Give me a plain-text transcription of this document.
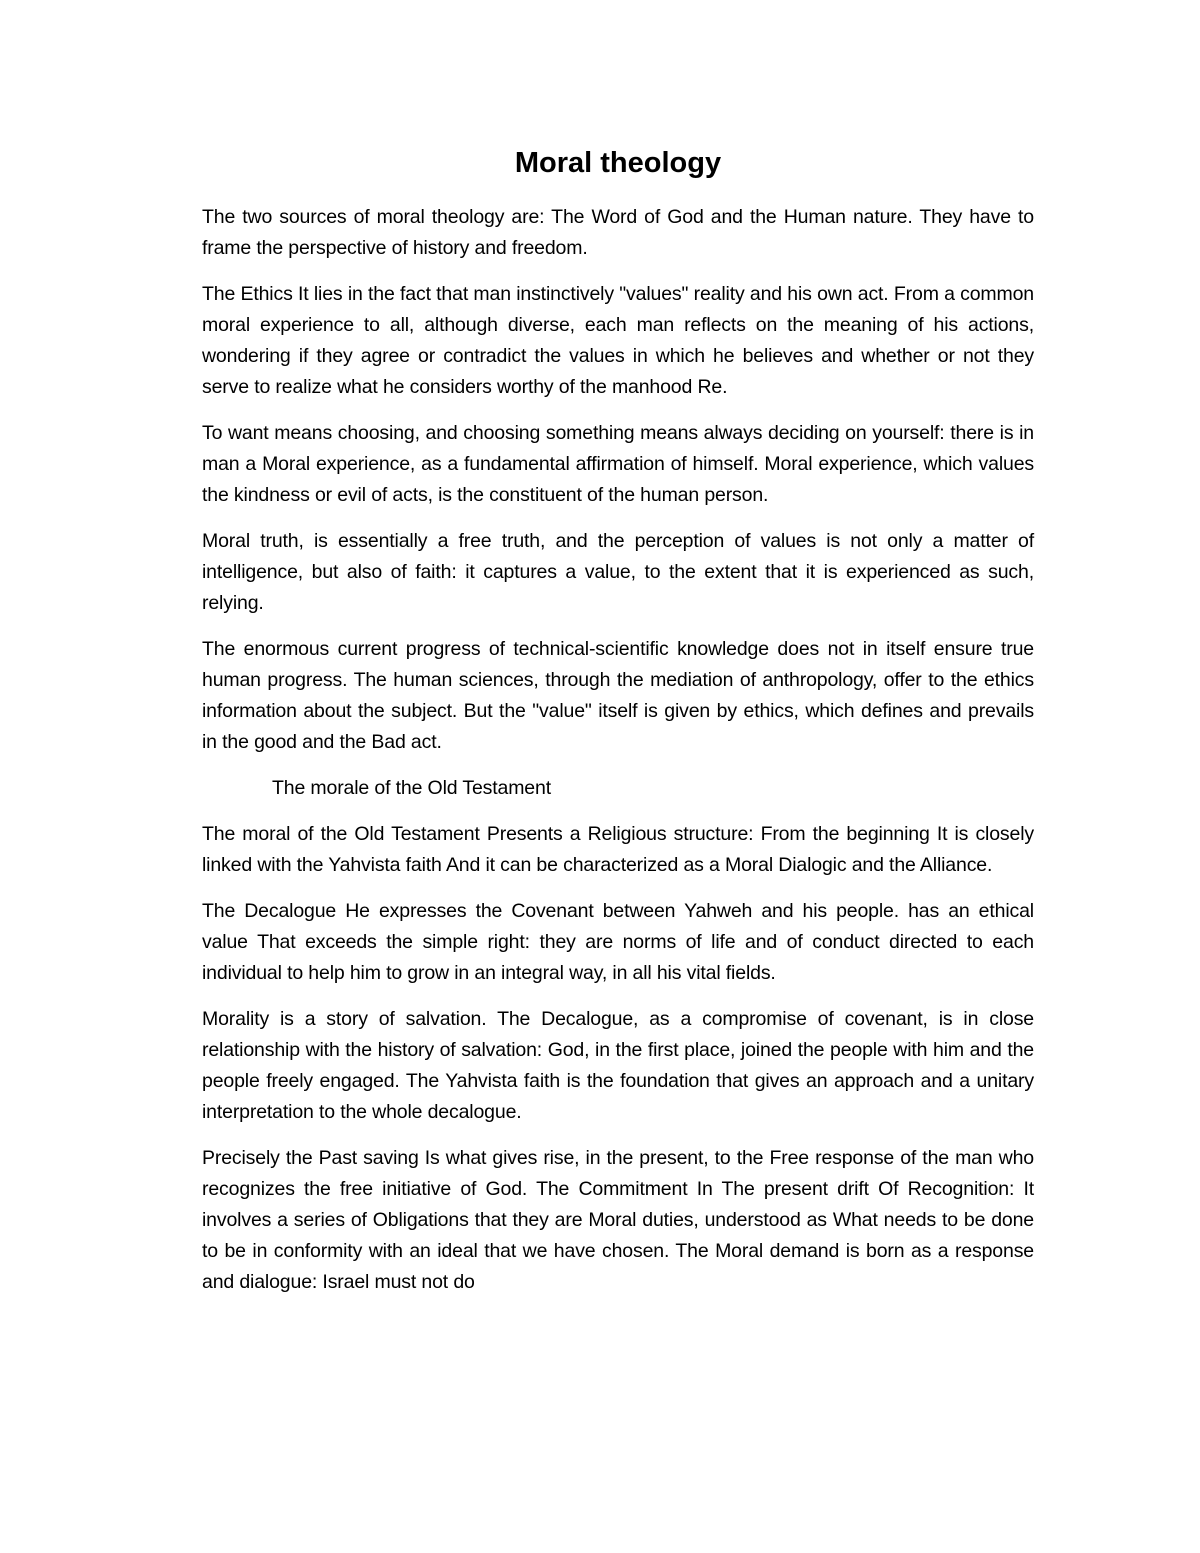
Moral theology

The two sources of moral theology are: The Word of God and the Human nature. They have to frame the perspective of history and freedom.

The Ethics It lies in the fact that man instinctively "values" reality and his own act. From a common moral experience to all, although diverse, each man reflects on the meaning of his actions, wondering if they agree or contradict the values in which he believes and whether or not they serve to realize what he considers worthy of the manhood Re.

To want means choosing, and choosing something means always deciding on yourself: there is in man a Moral experience, as a fundamental affirmation of himself. Moral experience, which values the kindness or evil of acts, is the constituent of the human person.

Moral truth, is essentially a free truth, and the perception of values is not only a matter of intelligence, but also of faith: it captures a value, to the extent that it is experienced as such, relying.

The enormous current progress of technical-scientific knowledge does not in itself ensure true human progress. The human sciences, through the mediation of anthropology, offer to the ethics information about the subject. But the "value" itself is given by ethics, which defines and prevails in the good and the Bad act.

The morale of the Old Testament

The moral of the Old Testament Presents a Religious structure: From the beginning It is closely linked with the Yahvista faith And it can be characterized as a Moral Dialogic and the Alliance.

The Decalogue He expresses the Covenant between Yahweh and his people. has an ethical value That exceeds the simple right: they are norms of life and of conduct directed to each individual to help him to grow in an integral way, in all his vital fields.

Morality is a story of salvation. The Decalogue, as a compromise of covenant, is in close relationship with the history of salvation: God, in the first place, joined the people with him and the people freely engaged. The Yahvista faith is the foundation that gives an approach and a unitary interpretation to the whole decalogue.

Precisely the Past saving Is what gives rise, in the present, to the Free response of the man who recognizes the free initiative of God. The Commitment In The present drift Of Recognition: It involves a series of Obligations that they are Moral duties, understood as What needs to be done to be in conformity with an ideal that we have chosen. The Moral demand is born as a response and dialogue: Israel must not do
